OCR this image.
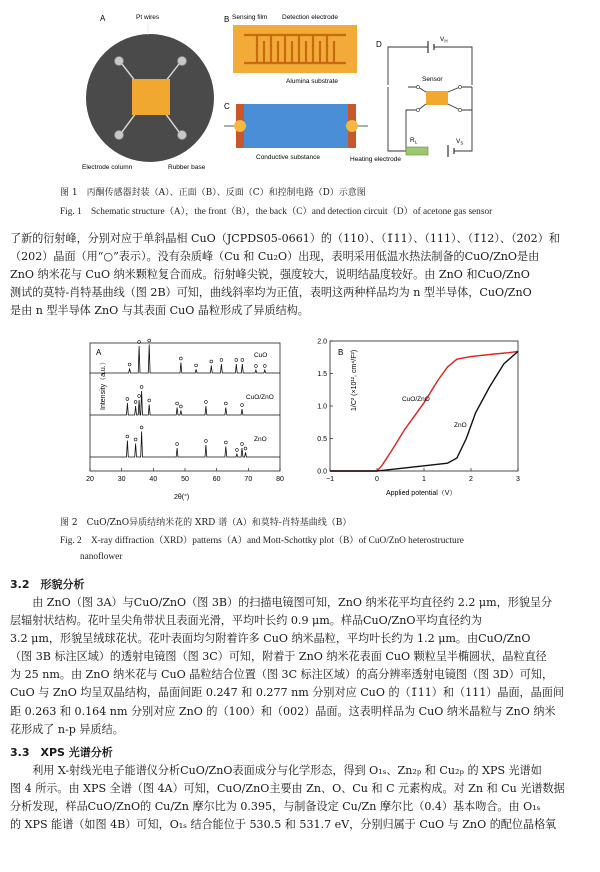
A	Pt wires
Electrode column	Rubber base
B Sensing film Detection electrode
Alumina substrate
C
Conductive substance	Heating electrode
D
$V_H$
Sensor
$R_L$	$V_S$
图 1　丙酮传感器封装（A）、正面（B）、反面（C）和控制电路（D）示意图
Fig. 1　Schematic structure（A），the front（B），the back（C）and detection circuit（D）of acetone gas sensor

了新的衍射峰，分别对应于单斜晶相 CuO（JCPDS05-0661）的（110）、（1̄11）、（111）、（1̄12）、（2̄02）和

（202）晶面（用“○”表示）。没有杂质峰（Cu 和 Cu₂O）出现，表明采用低温水热法制备的CuO/ZnO是由

ZnO 纳米花与 CuO 纳米颗粒复合而成。衍射峰尖锐，强度较大，说明结晶度较好。由 ZnO 和CuO/ZnO

测试的莫特-肖特基曲线（图 2B）可知，曲线斜率均为正值，表明这两种样品均为 n 型半导体，CuO/ZnO

是由 n 型半导体 ZnO 与其表面 CuO 晶粒形成了异质结构。

A
Intensity（a.u.）
2θ(°)
20	30	40	50	60	70	80
CuO
CuO/ZnO
ZnO
B 1/C² (×10¹², cm⁴/F²)
Applied potential（V）
−1	0	1	2	3
0.0
0.5
1.0
1.5
2.0
CuO/ZnO
ZnO
图 2　CuO/ZnO异质结纳米花的 XRD 谱（A）和莫特-肖特基曲线（B）
Fig. 2　X-ray diffraction（XRD）patterns（A）and Mott-Schottky plot（B）of CuO/ZnO heterostructure
nanoflower
3.2　形貌分析

由 ZnO（图 3A）与CuO/ZnO（图 3B）的扫描电镜图可知，ZnO 纳米花平均直径约 2.2 μm，形貌呈分

层辐射状结构。花叶呈尖角带状且表面光滑，平均叶长约 0.9 μm。样品CuO/ZnO平均直径约为

3.2 μm，形貌呈绒球花状。花叶表面均匀附着许多 CuO 纳米晶粒，平均叶长约为 1.2 μm。由CuO/ZnO

（图 3B 标注区域）的透射电镜图（图 3C）可知，附着于 ZnO 纳米花表面 CuO 颗粒呈半椭圆状，晶粒直径

为 25 nm。由 ZnO 纳米花与 CuO 晶粒结合位置（图 3C 标注区域）的高分辨率透射电镜图（图 3D）可知，

CuO 与 ZnO 均呈双晶结构，晶面间距 0.247 和 0.277 nm 分别对应 CuO 的（1̄11）和（111）晶面，晶面间

距 0.263 和 0.164 nm 分别对应 ZnO 的（100）和（002）晶面。这表明样品为 CuO 纳米晶粒与 ZnO 纳米

花形成了 n-p 异质结。

3.3　XPS 光谱分析

利用 X-射线光电子能谱仪分析CuO/ZnO表面成分与化学形态，得到 O₁ₛ、Zn₂ₚ 和 Cu₂ₚ 的 XPS 光谱如

图 4 所示。由 XPS 全谱（图 4A）可知，CuO/ZnO主要由 Zn、O、Cu 和 C 元素构成。对 Zn 和 Cu 光谱数据

分析发现，样品CuO/ZnO的 Cu/Zn 摩尔比为 0.395，与制备设定 Cu/Zn 摩尔比（0.4）基本吻合。由 O₁ₛ

的 XPS 能谱（如图 4B）可知，O₁ₛ 结合能位于 530.5 和 531.7 eV，分别归属于 CuO 与 ZnO 的配位晶格氧
